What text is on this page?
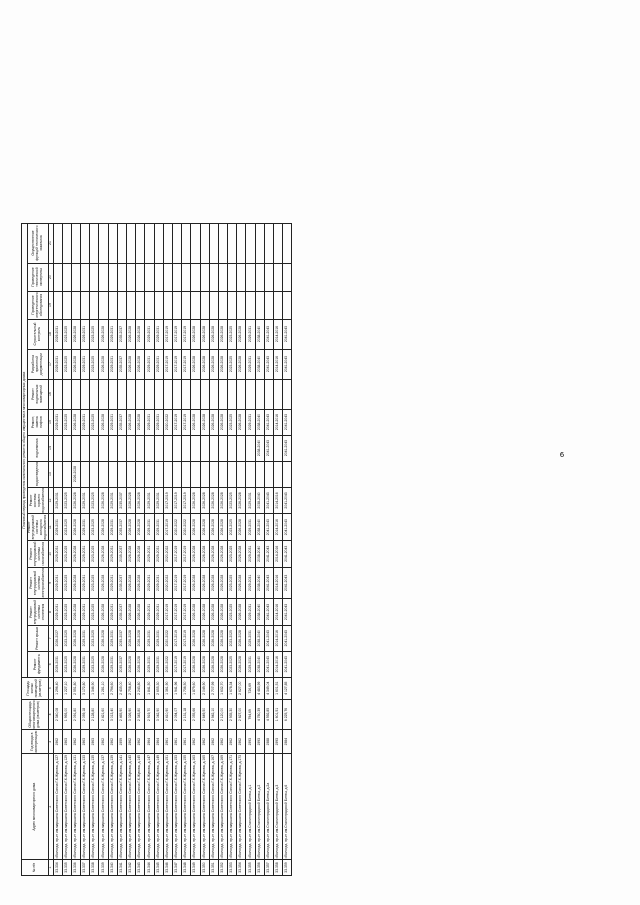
№ п/п	Адрес многоквартирного дома	Год ввода в эксплуатацию	Общая площадь многоквартирного дома (кв.метров)	Площадь жилых помещений (кв.метров)	Плановый период проведения капитального ремонта общего имущества в многоквартирных домах															
					Ремонт фундамента	Ремонт крыши	Ремонт внутридомовой системы отопления	Ремонт внутридомовой системы электроснабжения	Ремонт внутридомовой системы газоснабжения	Ремонт внутридомовой системы холодного водоснабжения	Ремонт системы горячего водоснабжения	водоотведения	подъемника	Ремонт, замена лифтов	Ремонт подвальных помещений	Разработка проектной документации	Строительный контроль	Проведение энергетического обследования	Проведение технической экспертизы	Осуществление функций технического заказчика
1	2	3	4	5	6	7	8	9	10	11	12	13	14	15	16	17	18	19	20	21
33.334	г.Вологда, пр-кт им.маршала Советского Союза Г.К.Жукова, д.127	1962	2 340,08	1 296,40	2029-2031	2026-2027	2029-2031	2029-2031	2029-2031	2029-2031	2029-2031			2029-2031		2029-2031	2029-2031			
33.335	г.Вологда, пр-кт им.маршала Советского Союза Г.К.Жукова, д.129	1963	1 993,00	1 227,10	2023-2025	2023-2025	2023-2025	2023-2025	2023-2025	2023-2025	2023-2025			2023-2025		2023-2025	2023-2025			
33.336	г.Вологда, пр-кт им.маршала Советского Союза Г.К.Жукова, д.131	1962	2 091,80	2 551,80	2026-2028	2026-2028	2026-2028	2026-2028	2026-2028	2026-2028	2026-2028	2026-2028		2026-2028		2026-2028	2026-2028			
33.337	г.Вологда, пр-кт им.маршала Советского Союза Г.К.Жукова, д.133	1963	2 059,18	3 172,80	2029-2031	2029-2031	2029-2031	2029-2031	2029-2031	2029-2031	2029-2031			2029-2031		2029-2031	2029-2031			
33.338	г.Вологда, пр-кт им.маршала Советского Союза Г.К.Жукова, д.135	1963	2 128,80	1 346,90	2023-2025	2023-2025	2023-2025	2023-2025	2023-2025	2023-2025	2023-2025			2023-2025		2023-2025	2023-2025			
33.339	г.Вологда, пр-кт им.маршала Советского Союза Г.К.Жукова, д.137	1962	2 421,60	1 281,10	2026-2028	2026-2028	2026-2028	2026-2028	2026-2028	2026-2028	2026-2028			2026-2028		2026-2028	2026-2028			
33.340	г.Вологда, пр-кт им.маршала Советского Союза Г.К.Жукова, д.139	1962	3 013,40	2 794,60	2029-2031	2029-2031	2029-2031	2029-2031	2029-2031	2029-2031	2029-2031			2029-2031		2029-2031	2029-2031			
33.341	г.Вологда, пр-кт им.маршала Советского Союза Г.К.Жукова, д.141	1959	2 465,90	2 435,00	2035-2037	2035-2037	2035-2037	2035-2037	2035-2037	2035-2037	2035-2037			2035-2037		2035-2037	2035-2037			
33.342	г.Вологда, пр-кт им.маршала Советского Союза Г.К.Жукова, д.143	1962	3 026,90	2 758,40	2026-2028	2026-2028	2026-2028	2026-2028	2026-2028	2026-2028	2026-2028			2026-2028		2026-2028	2026-2028			
33.343	г.Вологда, пр-кт им.маршала Советского Союза Г.К.Жукова, д.145	1962	2 343,80	2 243,80	2026-2028	2026-2028	2026-2028	2026-2028	2026-2028	2026-2028	2026-2028			2026-2028		2026-2028	2026-2028			
33.344	г.Вологда, пр-кт им.маршала Советского Союза Г.К.Жукова, д.147	1964	2 919,70	1 841,50	2029-2031	2029-2031	2029-2031	2029-2031	2029-2031	2029-2031	2029-2031			2029-2031		2029-2031	2029-2031			
33.345	г.Вологда, пр-кт им.маршала Советского Союза Г.К.Жукова, д.149	1964	3 042,90	2 655,30	2029-2031	2029-2031	2029-2031	2029-2031	2029-2031	2029-2031	2029-2031			2029-2031		2029-2031	2029-2031			
33.346	г.Вологда, пр-кт им.маршала Советского Союза Г.К.Жукова, д.151	1961	2 410,90	1 361,90	2020-2022	2020-2022	2017-2019	2020-2022	2020-2022	2017-2019	2017-2019			2020-2022		2017-2019	2017-2019			
33.347	г.Вологда, пр-кт им.маршала Советского Союза Г.К.Жукова, д.153	1961	2 094,07	1 941,96	2017-2019	2017-2019	2017-2019	2017-2019	2017-2019	2020-2022	2017-2019			2017-2019		2017-2019	2017-2019			
33.348	г.Вологда, пр-кт им.маршала Советского Союза Г.К.Жукова, д.155	1961	2 131,18	1 736,50	2017-2019	2017-2019	2017-2019	2017-2019	2017-2019	2020-2022	2017-2019			2017-2019		2017-2019	2017-2019			
33.349	г.Вологда, пр-кт им.маршала Советского Союза Г.К.Жукова, д.163	1962	2 055,66	1 879,60	2026-2028	2026-2028	2026-2028	2026-2028	2026-2028	2026-2028	2026-2028			2026-2028		2026-2028	2026-2028			
33.350	г.Вологда, пр-кт им.маршала Советского Союза Г.К.Жукова, д.165	1962	2 649,50	2 049,90	2026-2028	2026-2028	2026-2028	2026-2028	2026-2028	2026-2028	2026-2028			2026-2028		2026-2028	2026-2028			
33.351	г.Вологда, пр-кт им.маршала Советского Союза Г.К.Жукова, д.167	1962	2 942,10	2 707,99	2026-2028	2026-2028	2026-2028	2026-2028	2026-2028	2026-2028	2026-2028			2026-2028		2026-2028	2026-2028			
33.352	г.Вологда, пр-кт им.маршала Советского Союза Г.К.Жукова, д.169	1962	2 120,00	1 632,70	2026-2028	2026-2028	2026-2028	2026-2028	2026-2028	2026-2028	2026-2028			2026-2028		2026-2028	2026-2028			
33.353	г.Вологда, пр-кт им.маршала Советского Союза Г.К.Жукова, д.171	1962	2 935,30	1 678,34	2023-2025	2023-2025	2023-2025	2023-2025	2023-2025	2023-2025	2023-2025			2023-2025		2023-2025	2023-2025			
33.354	г.Вологда, пр-кт им.маршала Советского Союза Г.К.Жукова, д.173	1962	2 627,00	2 627,00	2026-2028	2026-2028	2026-2028	2026-2028	2026-2028	2026-2028	2026-2028			2026-2028		2026-2028	2026-2028			
33.355	г.Вологда, пр-кт им.Сталинградской Битвы, д.1	1993	794,69	726,69	2029-2031	2029-2031	2029-2031	2029-2031	2029-2031	2029-2031	2029-2031			2029-2031		2029-2031	2029-2031			
33.356	г.Вологда, пр-кт им.Сталинградской Битвы, д.2	1993	4 780,39	4 483,99	2038-2040	2038-2040	2038-2040	2038-2040	2038-2040	2038-2040	2038-2040		2038-2040	2038-2040		2038-2040	2038-2040			
33.357	г.Вологда, пр-кт им.Сталинградской Битвы, д.2а	1988	4 592,85	4 349,04	2041-2043	2041-2043	2041-2043	2041-2043	2041-2043	2041-2043	2041-2043		2041-2043	2041-2043		2041-2043	2041-2043			
33.358	г.Вологда, пр-кт им.Сталинградской Битвы, д.3	1993	1 601,51	1 601,51	2014-2016	2014-2016	2014-2016	2014-2016	2014-2016	2014-2016	2014-2016			2014-2016		2014-2016	2014-2016			
33.359	г.Вологда, пр-кт им.Сталинградской Битвы, д.6	1984	6 225,76	4 127,85	2041-2043	2041-2043	2041-2043	2041-2043	2041-2043	2041-2043	2041-2043		2041-2043	2041-2043		2041-2043	2041-2043			
6
